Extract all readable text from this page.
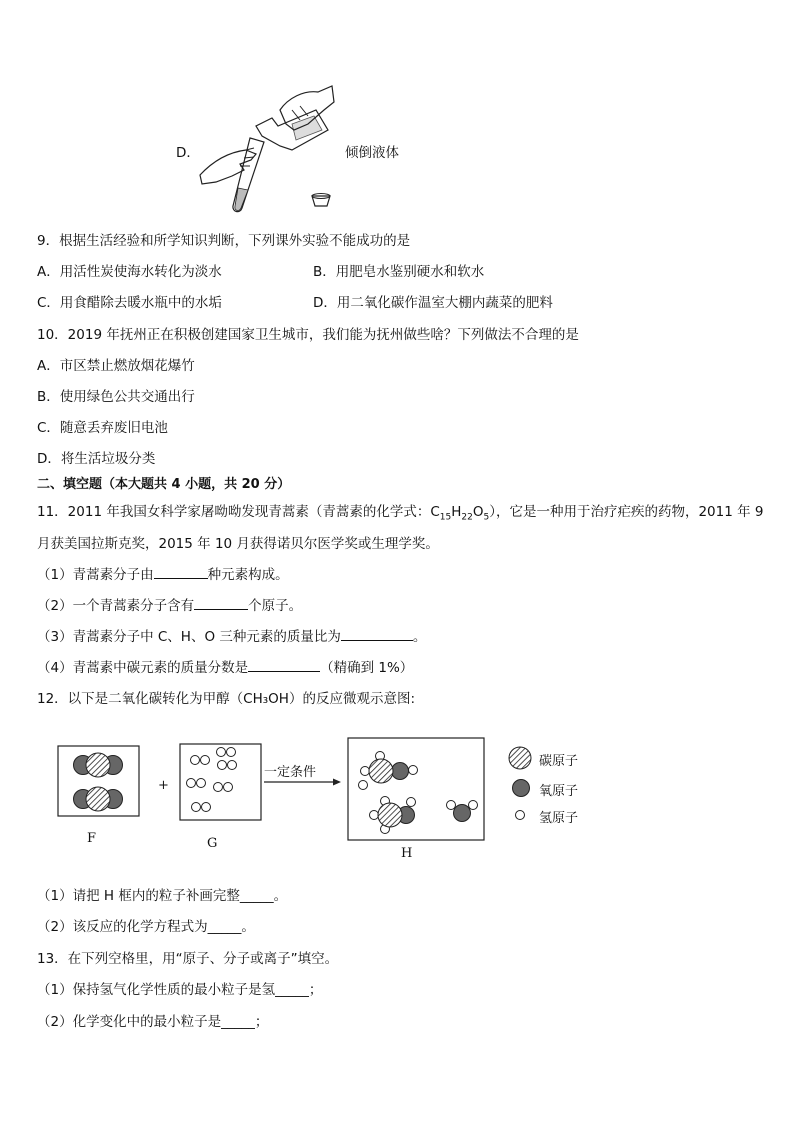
D．	倾倒液体
9．根据生活经验和所学知识判断，下列课外实验不能成功的是
A．用活性炭使海水转化为淡水	B．用肥皂水鉴别硬水和软水
C．用食醋除去暖水瓶中的水垢	D．用二氧化碳作温室大棚内蔬菜的肥料
10．2019 年抚州正在积极创建国家卫生城市，我们能为抚州做些啥？下列做法不合理的是
A．市区禁止燃放烟花爆竹
B．使用绿色公共交通出行
C．随意丢弃废旧电池
D．将生活垃圾分类
二、填空题（本大题共 4 小题，共 20 分）
11．2011 年我国女科学家屠呦呦发现青蒿素（青蒿素的化学式：$C_{15}H_{22}O_5$），它是一种用于治疗疟疾的药物，2011 年 9
月获美国拉斯克奖，2015 年 10 月获得诺贝尔医学奖或生理学奖。
（1）青蒿素分子由	种元素构成。
（2）一个青蒿素分子含有	个原子。
（3）青蒿素分子中 C、H、O 三种元素的质量比为	。
（4）青蒿素中碳元素的质量分数是	（精确到 1%）
12．以下是二氧化碳转化为甲醇（CH₃OH）的反应微观示意图:
+
一定条件
F	G
H
碳原子
氧原子
氢原子
（1）请把 H 框内的粒子补画完整_____。
（2）该反应的化学方程式为_____。
13．在下列空格里，用“原子、分子或离子”填空。
（1）保持氢气化学性质的最小粒子是氢_____；
（2）化学变化中的最小粒子是_____；
